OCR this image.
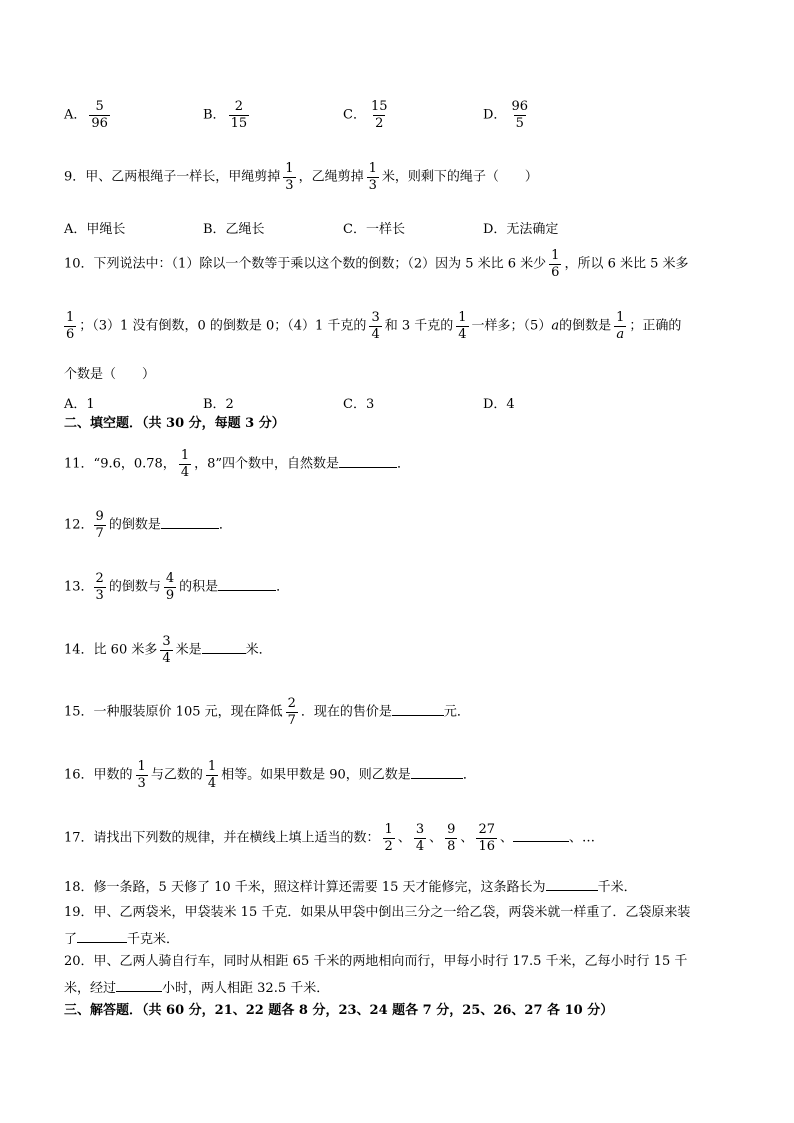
A． $\frac{5}{96}$	B． $\frac{2}{15}$	C． $\frac{15}{2}$	D． $\frac{96}{5}$
9．甲、乙两根绳子一样长，甲绳剪掉 $\frac{1}{3}$ ，乙绳剪掉 $\frac{1}{3}$ 米，则剩下的绳子（　　）
A．甲绳长	B．乙绳长	C．一样长	D．无法确定
10．下列说法中：（1）除以一个数等于乘以这个数的倒数；（2）因为 5 米比 6 米少 $\frac{1}{6}$ ，所以 6 米比 5 米多
$\frac{1}{6}$ ；（3）1 没有倒数，0 的倒数是 0；（4）1 千克的 $\frac{3}{4}$ 和 3 千克的 $\frac{1}{4}$ 一样多；（5）a的倒数是 $\frac{1}{a}$ ；正确的
个数是（　　）
A．1	B．2	C．3	D．4
二、填空题．（共 30 分，每题 3 分）
11．“9.6，0.78， $\frac{1}{4}$ ，8”四个数中，自然数是	．
12． $\frac{9}{7}$ 的倒数是	．
13． $\frac{2}{3}$ 的倒数与 $\frac{4}{9}$ 的积是	．
14．比 60 米多 $\frac{3}{4}$ 米是	米．
15．一种服装原价 105 元，现在降低 $\frac{2}{7}$ ．现在的售价是	元．
16．甲数的 $\frac{1}{3}$ 与乙数的 $\frac{1}{4}$ 相等。如果甲数是 90，则乙数是	．
17．请找出下列数的规律，并在横线上填上适当的数： $\frac{1}{2}$ 、 $\frac{3}{4}$ 、 $\frac{9}{8}$ 、 $\frac{27}{16}$ 、	、…
18．修一条路，5 天修了 10 千米，照这样计算还需要 15 天才能修完，这条路长为	千米．
19．甲、乙两袋米，甲袋装米 15 千克．如果从甲袋中倒出三分之一给乙袋，两袋米就一样重了．乙袋原来装
了	千克米．
20．甲、乙两人骑自行车，同时从相距 65 千米的两地相向而行，甲每小时行 17.5 千米，乙每小时行 15 千
米，经过	小时，两人相距 32.5 千米．
三、解答题．（共 60 分，21、22 题各 8 分，23、24 题各 7 分，25、26、27 各 10 分）
